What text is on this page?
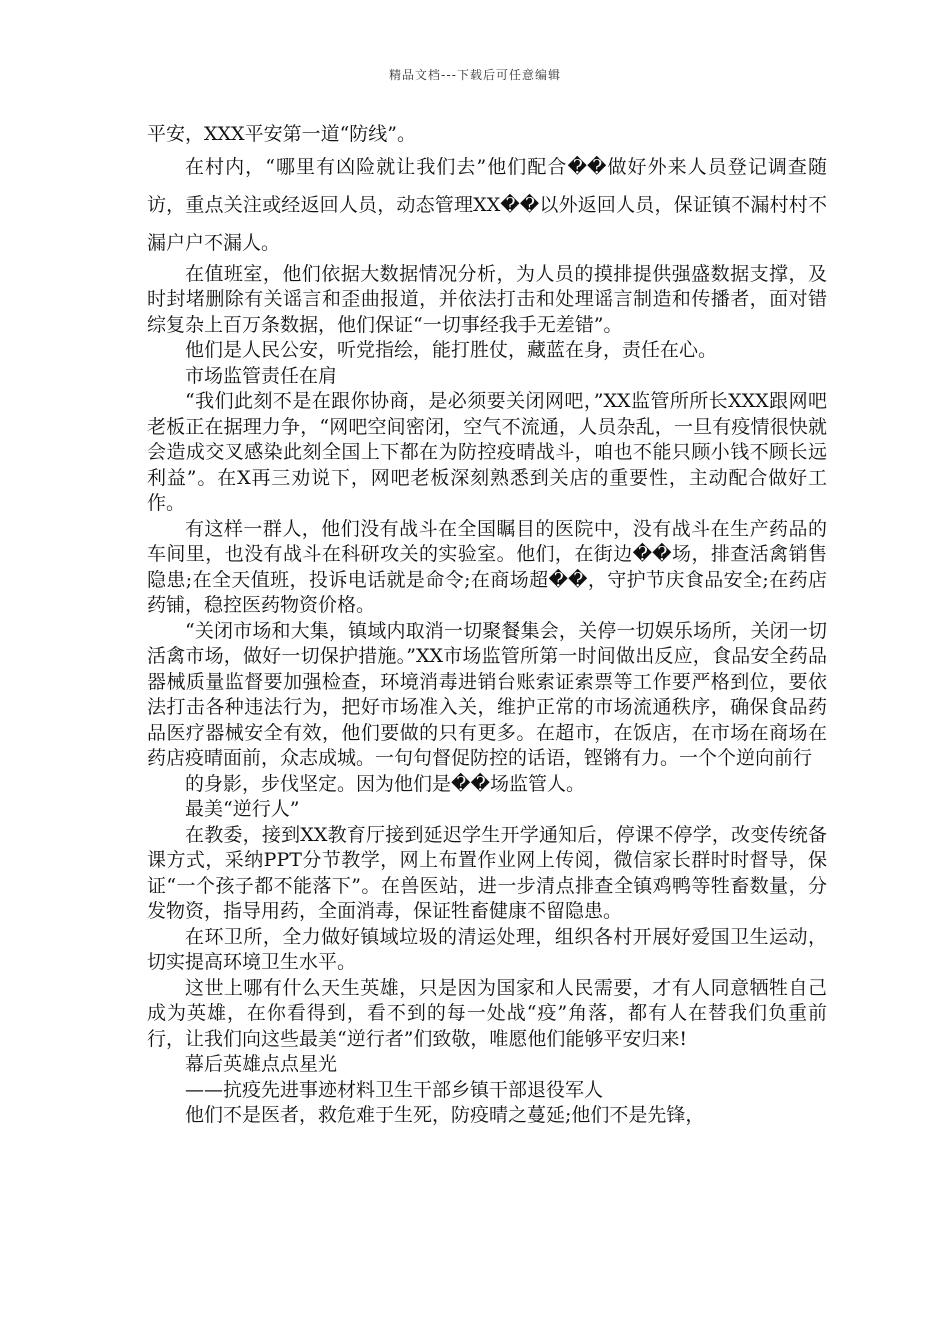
精品文档---下载后可任意编辑

平安，XXX平安第一道“防线”。

在村内，“哪里有凶险就让我们去”他们配合��做好外来人员登记调查随访，重点关注或经返回人员，动态管理XX��以外返回人员，保证镇不漏村村不漏户户不漏人。

在值班室，他们依据大数据情况分析，为人员的摸排提供强盛数据支撑，及时封堵删除有关谣言和歪曲报道，并依法打击和处理谣言制造和传播者，面对错综复杂上百万条数据，他们保证“一切事经我手无差错”。

他们是人民公安，听党指绘，能打胜仗，藏蓝在身，责任在心。

市场监管责任在肩

“我们此刻不是在跟你协商，是必须要关闭网吧，”XX监管所所长XXX跟网吧老板正在据理力争，“网吧空间密闭，空气不流通，人员杂乱，一旦有疫情很快就会造成交叉感染此刻全国上下都在为防控疫晴战斗，咱也不能只顾小钱不顾长远利益”。在X再三劝说下，网吧老板深刻熟悉到关店的重要性，主动配合做好工作。

有这样一群人，他们没有战斗在全国瞩目的医院中，没有战斗在生产药品的车间里，也没有战斗在科研攻关的实验室。他们，在街边��场，排查活禽销售隐患;在全天值班，投诉电话就是命令;在商场超��，守护节庆食品安全;在药店药铺，稳控医药物资价格。

“关闭市场和大集，镇域内取消一切聚餐集会，关停一切娱乐场所，关闭一切活禽市场，做好一切保护措施。”XX市场监管所第一时间做出反应，食品安全药品器械质量监督要加强检查，环境消毒进销台账索证索票等工作要严格到位，要依法打击各种违法行为，把好市场准入关，维护正常的市场流通秩序，确保食品药品医疗器械安全有效，他们要做的只有更多。在超市，在饭店，在市场在商场在药店疫晴面前，众志成城。一句句督促防控的话语，铿锵有力。一个个逆向前行

的身影，步伐坚定。因为他们是��场监管人。

最美“逆行人”

在教委，接到XX教育厅接到延迟学生开学通知后，停课不停学，改变传统备课方式，采纳PPT分节教学，网上布置作业网上传阅，微信家长群时时督导，保证“一个孩子都不能落下”。在兽医站，进一步清点排查全镇鸡鸭等牲畜数量，分发物资，指导用药，全面消毒，保证牲畜健康不留隐患。

在环卫所，全力做好镇域垃圾的清运处理，组织各村开展好爱国卫生运动，切实提高环境卫生水平。

这世上哪有什么天生英雄，只是因为国家和人民需要，才有人同意牺牲自己成为英雄，在你看得到，看不到的每一处战“疫”角落，都有人在替我们负重前行，让我们向这些最美“逆行者”们致敬，唯愿他们能够平安归来!

幕后英雄点点星光

——抗疫先进事迹材料卫生干部乡镇干部退役军人

他们不是医者，救危难于生死，防疫晴之蔓延;他们不是先锋，
